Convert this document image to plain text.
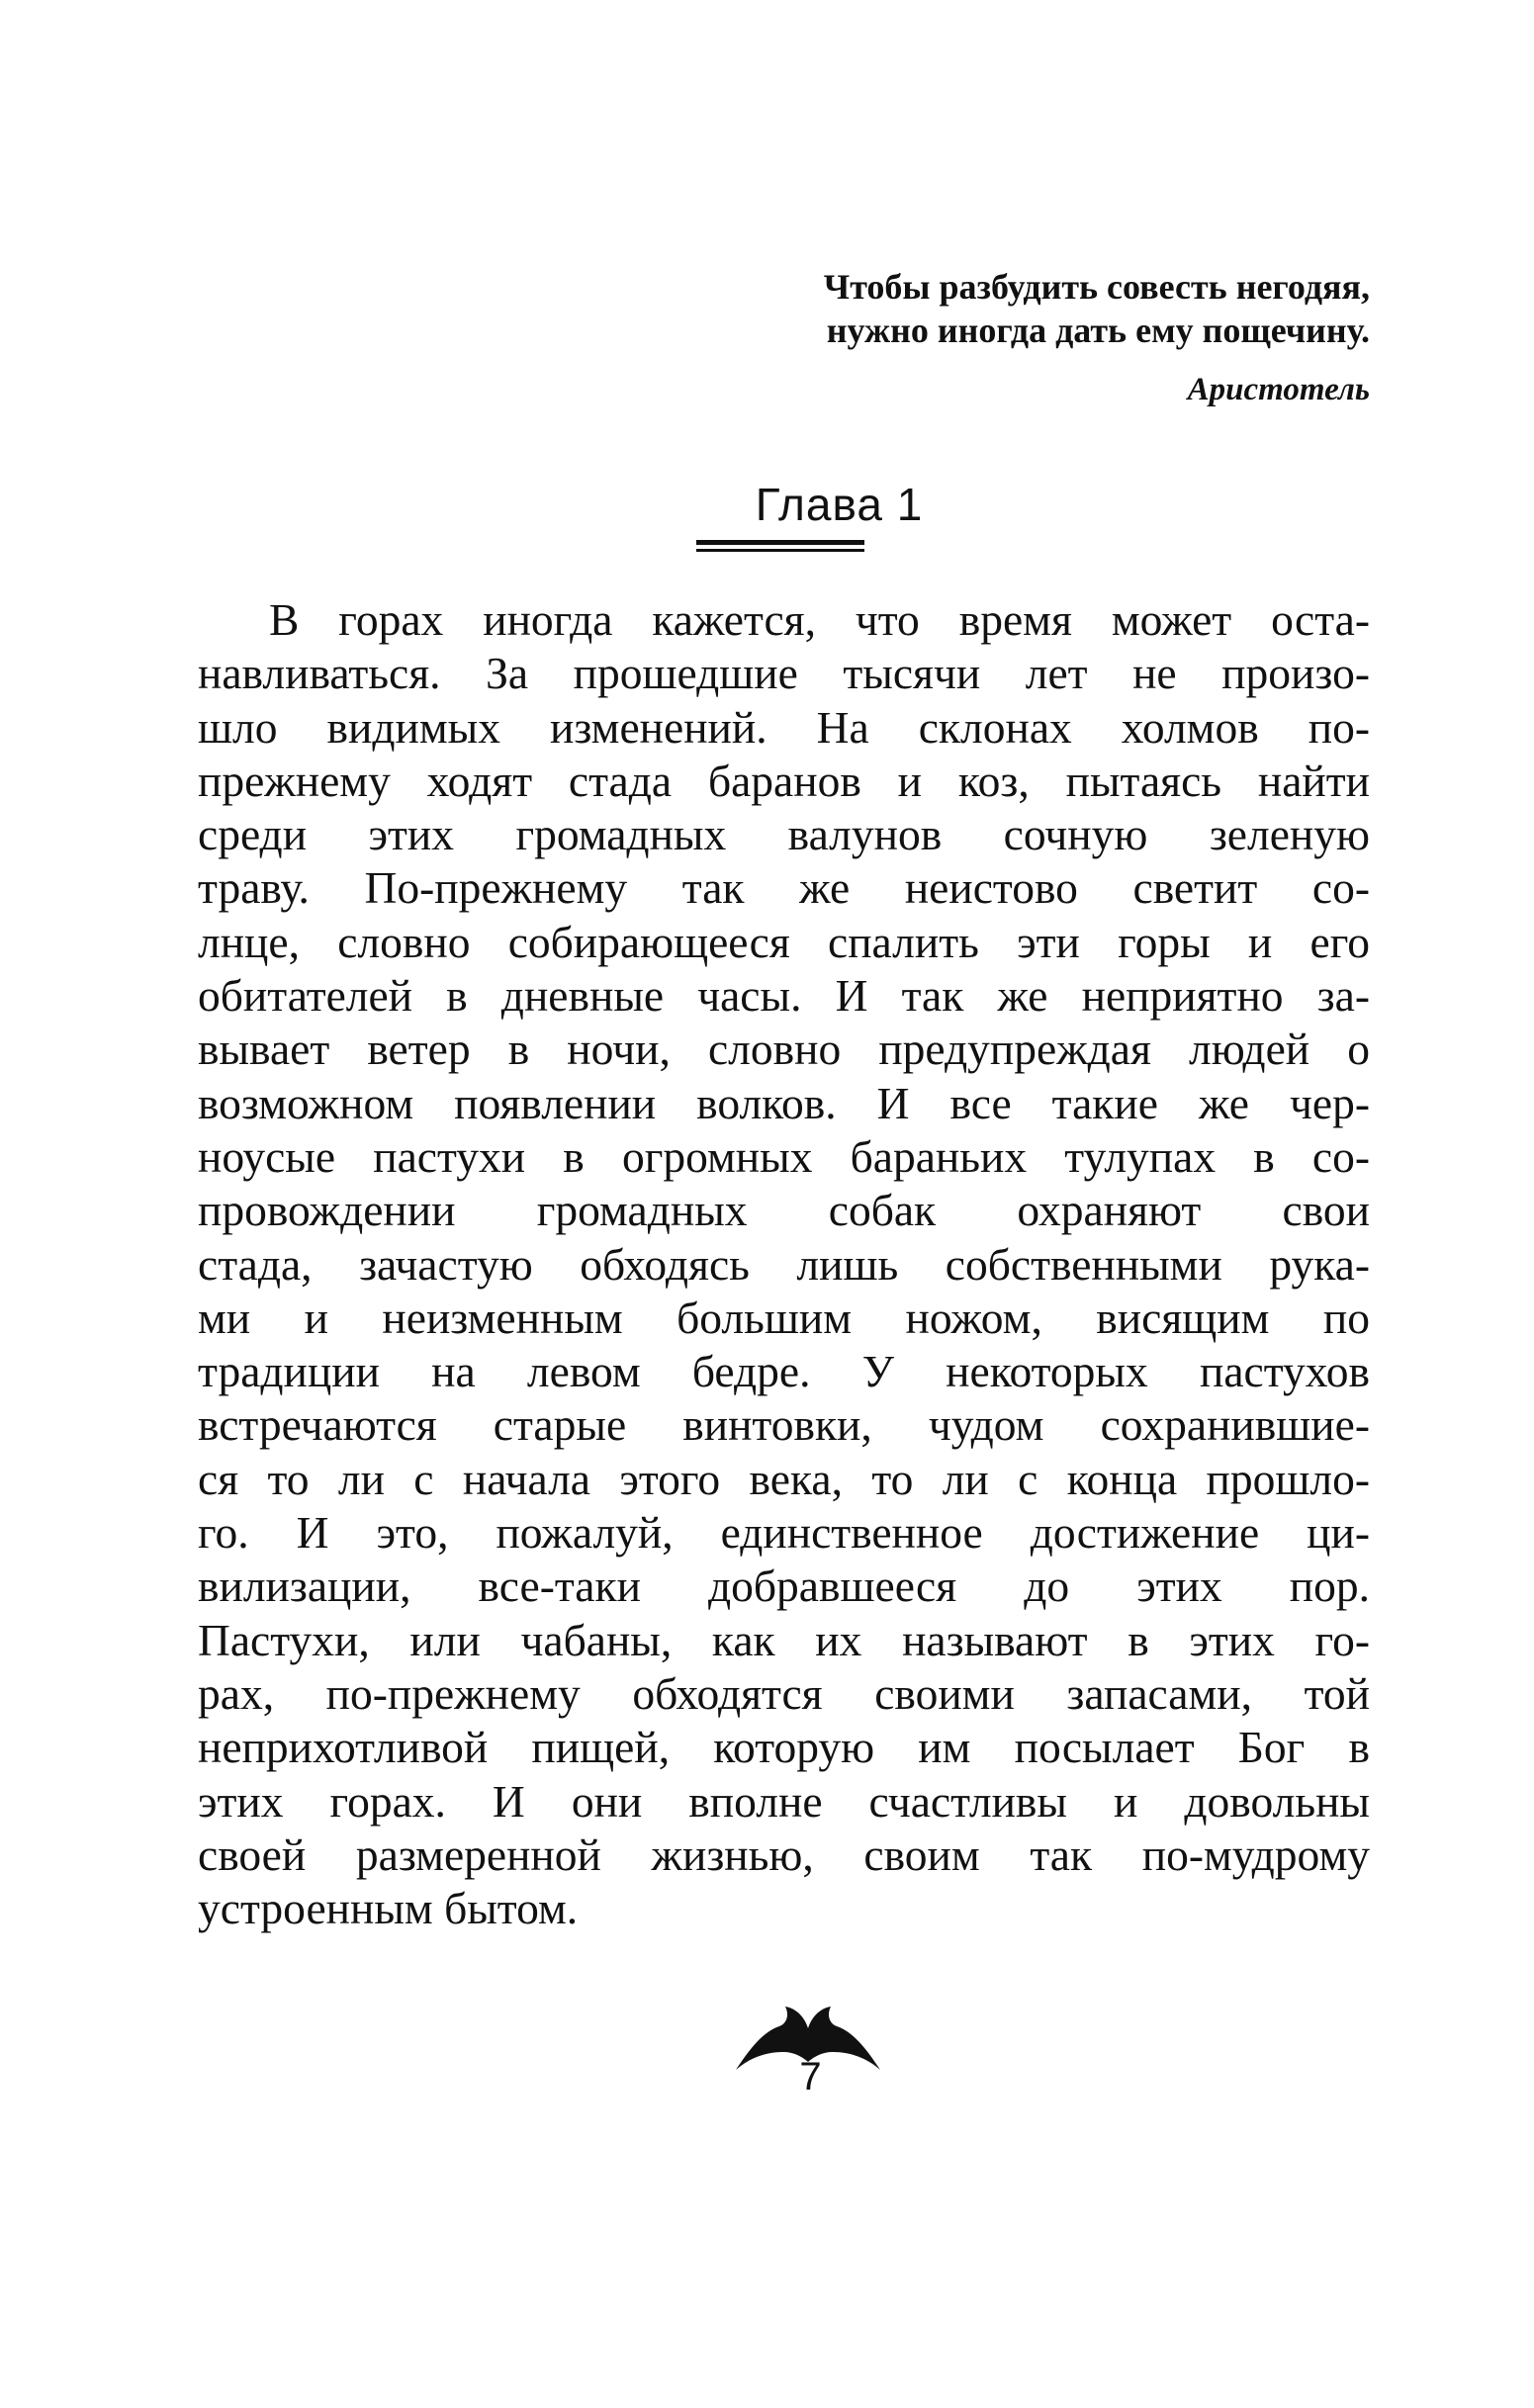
Чтобы разбудить совесть негодяя,
нужно иногда дать ему пощечину.
Аристотель
Глава 1
В горах иногда кажется, что время может оста-
навливаться. За прошедшие тысячи лет не произо-
шло видимых изменений. На склонах холмов по-
прежнему ходят стада баранов и коз, пытаясь найти
среди этих громадных валунов сочную зеленую
траву. По-прежнему так же неистово светит со-
лнце, словно собирающееся спалить эти горы и его
обитателей в дневные часы. И так же неприятно за-
вывает ветер в ночи, словно предупреждая людей о
возможном появлении волков. И все такие же чер-
ноусые пастухи в огромных бараньих тулупах в со-
провождении громадных собак охраняют свои
стада, зачастую обходясь лишь собственными рука-
ми и неизменным большим ножом, висящим по
традиции на левом бедре. У некоторых пастухов
встречаются старые винтовки, чудом сохранившие-
ся то ли с начала этого века, то ли с конца прошло-
го. И это, пожалуй, единственное достижение ци-
вилизации, все-таки добравшееся до этих пор.
Пастухи, или чабаны, как их называют в этих го-
рах, по-прежнему обходятся своими запасами, той
неприхотливой пищей, которую им посылает Бог в
этих горах. И они вполне счастливы и довольны
своей размеренной жизнью, своим так по-мудрому
устроенным бытом.
7
